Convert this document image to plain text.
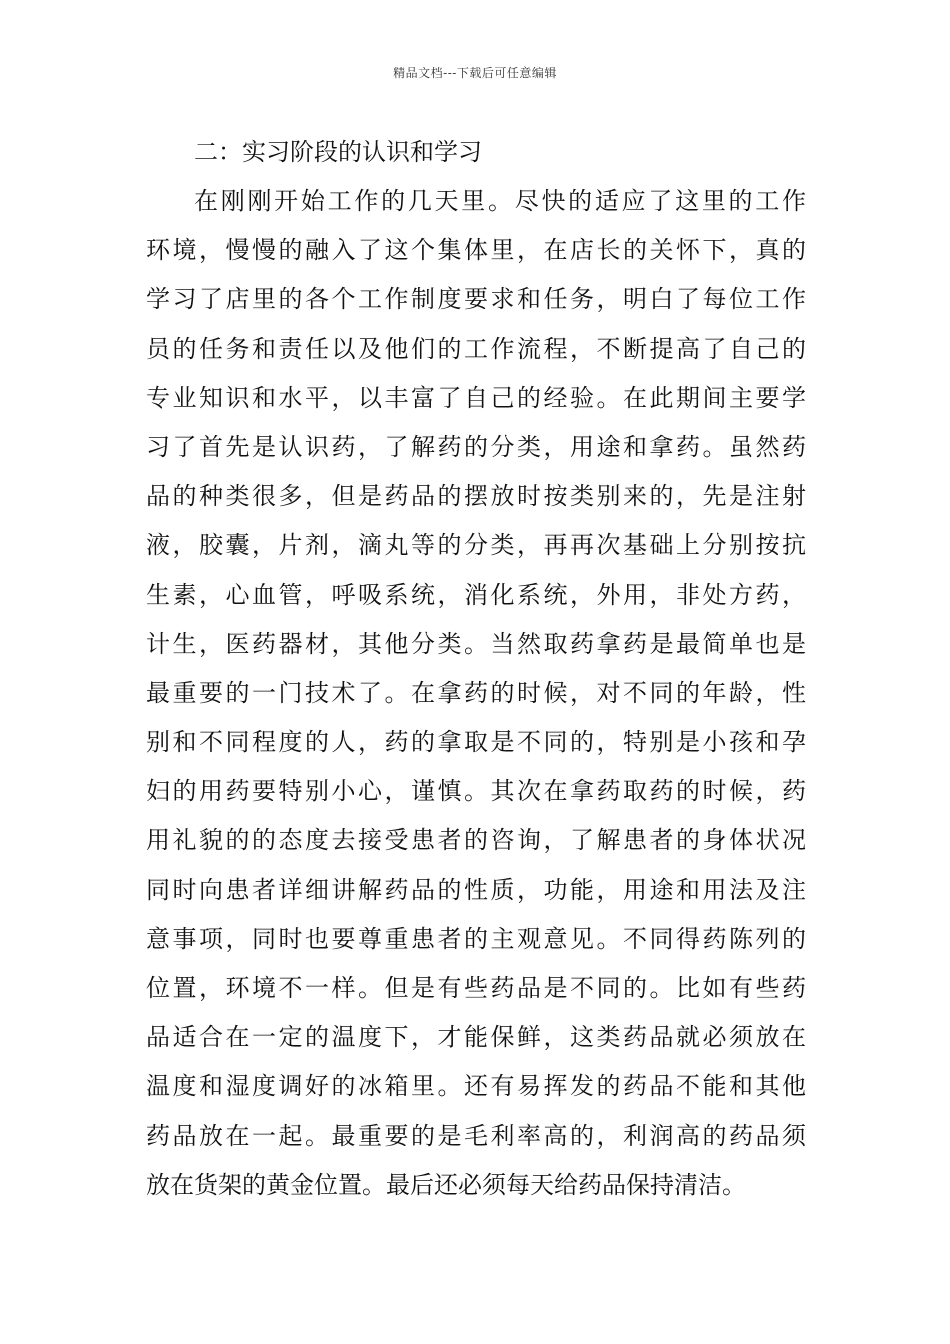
精品文档---下载后可任意编辑
二：实习阶段的认识和学习
在刚刚开始工作的几天里。尽快的适应了这里的工作
环境，慢慢的融入了这个集体里，在店长的关怀下，真的
学习了店里的各个工作制度要求和任务，明白了每位工作
员的任务和责任以及他们的工作流程，不断提高了自己的
专业知识和水平，以丰富了自己的经验。在此期间主要学
习了首先是认识药，了解药的分类，用途和拿药。虽然药
品的种类很多，但是药品的摆放时按类别来的，先是注射
液，胶囊，片剂，滴丸等的分类，再再次基础上分别按抗
生素，心血管，呼吸系统，消化系统，外用，非处方药，
计生，医药器材，其他分类。当然取药拿药是最简单也是
最重要的一门技术了。在拿药的时候，对不同的年龄，性
别和不同程度的人，药的拿取是不同的，特别是小孩和孕
妇的用药要特别小心，谨慎。其次在拿药取药的时候，药
用礼貌的的态度去接受患者的咨询，了解患者的身体状况
同时向患者详细讲解药品的性质，功能，用途和用法及注
意事项，同时也要尊重患者的主观意见。不同得药陈列的
位置，环境不一样。但是有些药品是不同的。比如有些药
品适合在一定的温度下，才能保鲜，这类药品就必须放在
温度和湿度调好的冰箱里。还有易挥发的药品不能和其他
药品放在一起。最重要的是毛利率高的，利润高的药品须
放在货架的黄金位置。最后还必须每天给药品保持清洁。
